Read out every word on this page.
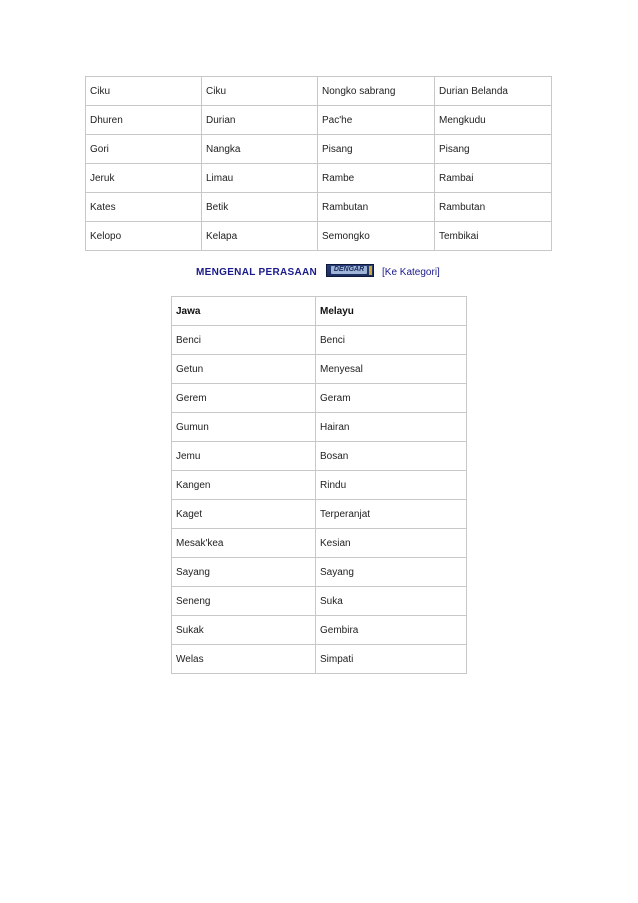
Ciku	Ciku	Nongko sabrang	Durian Belanda
Dhuren	Durian	Pac'he	Mengkudu
Gori	Nangka	Pisang	Pisang
Jeruk	Limau	Rambe	Rambai
Kates	Betik	Rambutan	Rambutan
Kelopo	Kelapa	Semongko	Tembikai
MENGENAL PERASAAN	DENGAR [Ke Kategori]
Jawa	Melayu
Benci	Benci
Getun	Menyesal
Gerem	Geram
Gumun	Hairan
Jemu	Bosan
Kangen	Rindu
Kaget	Terperanjat
Mesak'kea	Kesian
Sayang	Sayang
Seneng	Suka
Sukak	Gembira
Welas	Simpati
